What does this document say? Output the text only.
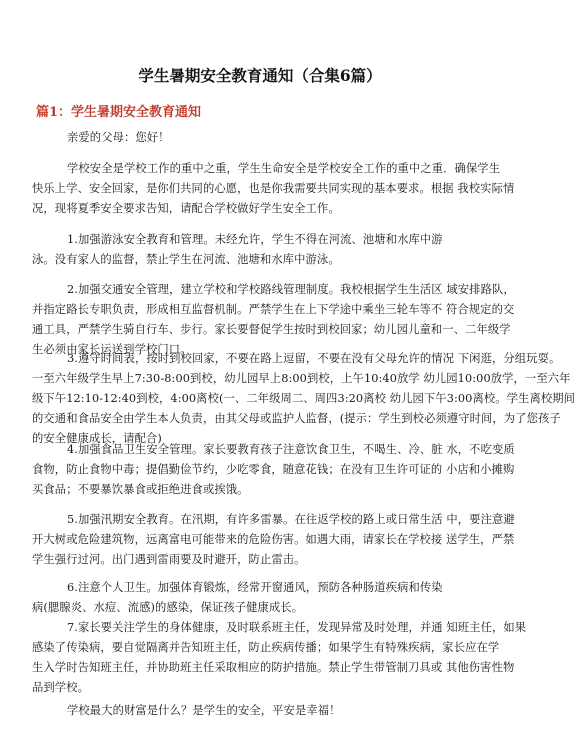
学生暑期安全教育通知（合集6篇）
篇1：学生暑期安全教育通知
亲爱的父母：您好！
学校安全是学校工作的重中之重，学生生命安全是学校安全工作的重中之重．确保学生
快乐上学、安全回家，是你们共同的心愿，也是你我需要共同实现的基本要求。根据 我校实际情
况，现将夏季安全要求告知，请配合学校做好学生安全工作。
1.加强游泳安全教育和管理。未经允许，学生不得在河流、池塘和水库中游
泳。没有家人的监督，禁止学生在河流、池塘和水库中游泳。
2.加强交通安全管理，建立学校和学校路线管理制度。我校根据学生生活区 域安排路队，
并指定路长专职负责，形成相互监督机制。严禁学生在上下学途中乘坐三轮车等不 符合规定的交
通工具，严禁学生骑自行车、步行。家长要督促学生按时到校回家；幼儿园儿童和一、二年级学
生必须由家长运送到学校门口。
3.遵守时间表，按时到校回家，不要在路上逗留，不要在没有父母允许的情况 下闲逛，分组玩耍。
一至六年级学生早上7:30-8:00到校，幼儿园早上8:00到校，上午10:40放学 幼儿园10:00放学，一至六年
级下午12:10-12:40到校，4:00离校(一、二年级周二、周四3:20离校 幼儿园下午3:00离校。学生离校期间
的交通和食品安全由学生本人负责，由其父母或监护人监督，(提示：学生到校必须遵守时间，为了您孩子
的安全健康成长，请配合)
4.加强食品卫生安全管理。家长要教育孩子注意饮食卫生，不喝生、冷、脏 水，不吃变质
食物，防止食物中毒；提倡勤俭节约，少吃零食，随意花钱；在没有卫生许可证的 小店和小摊购
买食品；不要暴饮暴食或拒绝进食或挨饿。
5.加强汛期安全教育。在汛期，有许多雷暴。在往返学校的路上或日常生活 中，要注意避
开大树或危险建筑物，远离富电可能带来的危险伤害。如遇大雨，请家长在学校接 送学生，严禁
学生强行过河。出门遇到雷雨要及时避开，防止雷击。
6.注意个人卫生。加强体育锻炼，经常开窗通风，预防各种肠道疾病和传染
病(腮腺炎、水痘、流感)的感染，保证孩子健康成长。
7.家长要关注学生的身体健康，及时联系班主任，发现异常及时处理，并通 知班主任，如果
感染了传染病，要自觉隔离并告知班主任，防止疾病传播；如果学生有特殊疾病，家长应在学
生入学时告知班主任，并协助班主任采取相应的防护措施。禁止学生带管制刀具或 其他伤害性物
品到学校。
学校最大的财富是什么？是学生的安全，平安是幸福！
